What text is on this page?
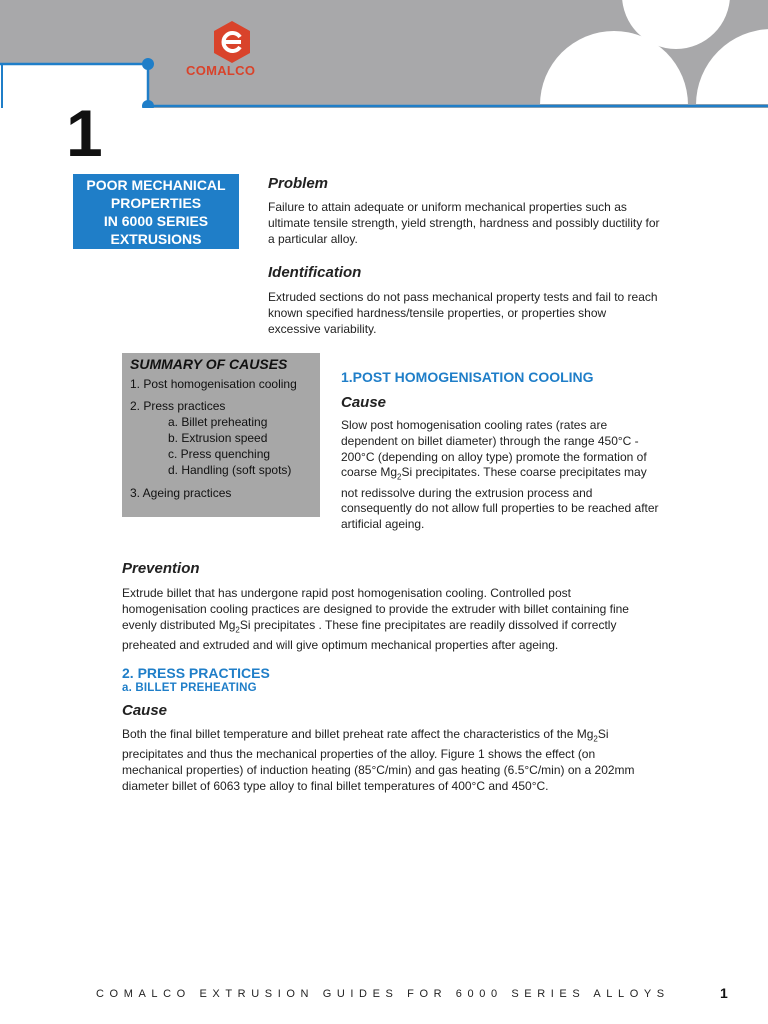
COMALCO
1
POOR MECHANICAL
PROPERTIES
IN 6000 SERIES
EXTRUSIONS
Problem
Failure to attain adequate or uniform mechanical properties such as
ultimate tensile strength, yield strength, hardness and possibly ductility for
a particular alloy.
Identification
Extruded sections do not pass mechanical property tests and fail to reach
known specified hardness/tensile properties, or properties show
excessive variability.
SUMMARY OF CAUSES
1. Post homogenisation cooling
2. Press practices
a. Billet preheating
b. Extrusion speed
c. Press quenching
d. Handling (soft spots)
3. Ageing practices
1.POST HOMOGENISATION COOLING
Cause
Slow post homogenisation cooling rates (rates are
dependent on billet diameter) through the range 450°C -
200°C (depending on alloy type) promote the formation of
coarse $Mg_2Si$ precipitates. These coarse precipitates may
not redissolve during the extrusion process and
consequently do not allow full properties to be reached after
artificial ageing.
Prevention
Extrude billet that has undergone rapid post homogenisation cooling. Controlled post
homogenisation cooling practices are designed to provide the extruder with billet containing fine
evenly distributed $Mg_2Si$ precipitates . These fine precipitates are readily dissolved if correctly
preheated and extruded and will give optimum mechanical properties after ageing.
2. PRESS PRACTICES
a. BILLET PREHEATING
Cause
Both the final billet temperature and billet preheat rate affect the characteristics of the $Mg_2Si$
precipitates and thus the mechanical properties of the alloy. Figure 1 shows the effect (on
mechanical properties) of induction heating (85°C/min) and gas heating (6.5°C/min) on a 202mm
diameter billet of 6063 type alloy to final billet temperatures of 400°C and 450°C.
COMALCO EXTRUSION GUIDES FOR 6000 SERIES ALLOYS	1
